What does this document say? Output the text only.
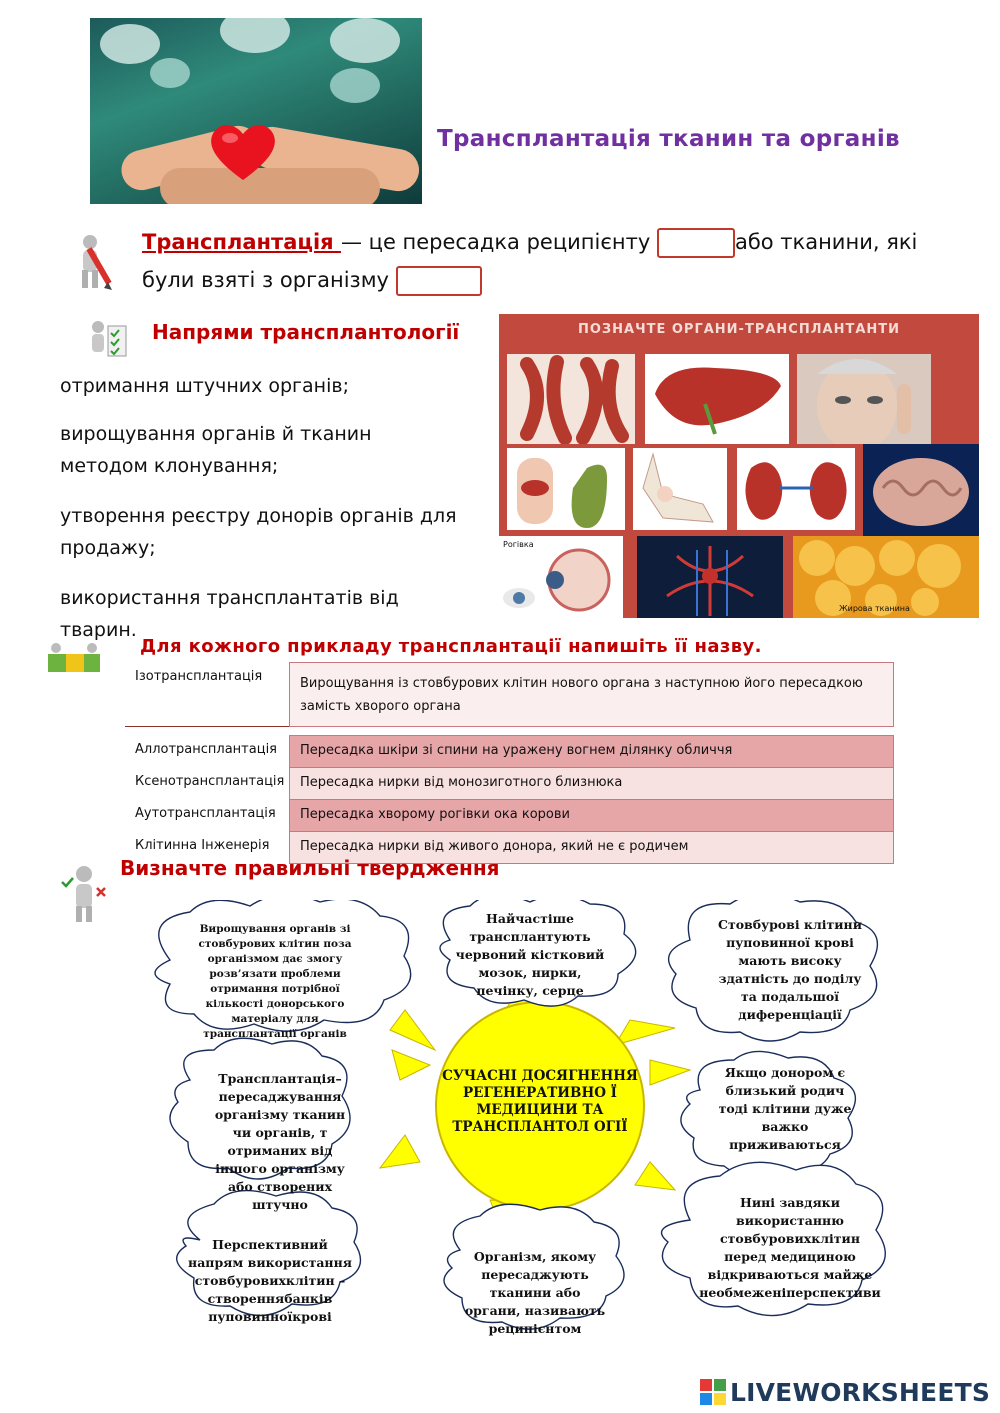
Трансплантація тканин та органів
Трансплантація — це пересадка реципієнту	або тканини, які
були взяті з організму
Напрями трансплантології
отримання штучних органів;
вирощування органів й тканин методом клонування;
утворення реєстру донорів органів для продажу;
використання трансплантатів від тварин.
ПОЗНАЧТЕ ОРГАНИ-ТРАНСПЛАНТАНТИ
Рогівка
Жирова тканина
Для кожного прикладу трансплантації напишіть її назву.
Ізотрансплантація	Вирощування із стовбурових клітин нового органа з наступною його пересадкою замість хворого органа

Аллотрансплантація	Пересадка шкіри зі спини на уражену вогнем ділянку обличчя
Ксенотрансплантація	Пересадка нирки від монозиготного близнюка
Аутотрансплантація	Пересадка хворому рогівки ока корови
Клітинна Інженерія	Пересадка нирки від живого донора, який не є родичем
Визначте правильні твердження
Вирощування органів зі стовбурових клітин поза організмом дає змогу розв’язати проблеми отримання потрібної кількості донорського матеріалу для трансплантації органів
Найчастіше трансплантують червоний кістковий мозок, нирки, печінку, серце
Стовбурові клітини пуповинної крові мають високу здатність до поділу та подальшої диференціації
Трансплантація– пересаджування організму тканин чи органів, т отриманих від іншого організму або створених штучно
Якщо донором є близький родич тоді клітини дуже важко приживаються
Перспективний напрям використання стовбуровихклітин – створеннябанків пуповинноїкрові
Організм, якому пересаджують тканини або органи, називають реципієнтом
Нині завдяки використанню стовбуровихклітин перед медициною відкриваються майже необмеженіперспективи
СУЧАСНІ ДОСЯГНЕННЯ РЕГЕНЕРАТИВНО Ї МЕДИЦИНИ ТА ТРАНСПЛАНТОЛ ОГІЇ
LIVEWORKSHEETS
